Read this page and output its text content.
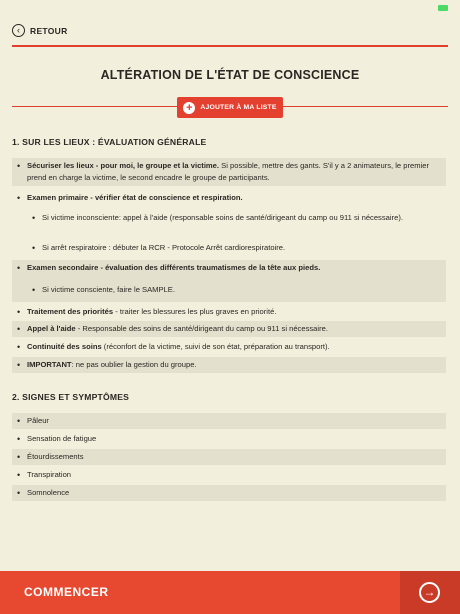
‹	RETOUR
ALTÉRATION DE L'ÉTAT DE CONSCIENCE
+	AJOUTER À MA LISTE
1. SUR LES LIEUX : ÉVALUATION GÉNÉRALE
• Sécuriser les lieux - pour moi, le groupe et la victime. Si possible, mettre des gants. S'il y a 2 animateurs, le premier prend en charge la victime, le second encadre le groupe de participants.
• Examen primaire - vérifier état de conscience et respiration.
• Si victime inconsciente: appel à l'aide (responsable soins de santé/dirigeant du camp ou 911 si nécessaire).
• Si arrêt respiratoire : débuter la RCR - Protocole Arrêt cardiorespiratoire.
• Examen secondaire - évaluation des différents traumatismes de la tête aux pieds.
• Si victime consciente, faire le SAMPLE.
• Traitement des priorités - traiter les blessures les plus graves en priorité.
• Appel à l'aide - Responsable des soins de santé/dirigeant du camp ou 911 si nécessaire.
• Continuité des soins (réconfort de la victime, suivi de son état, préparation au transport).
• IMPORTANT: ne pas oublier la gestion du groupe.
2. SIGNES ET SYMPTÔMES
• Pâleur
• Sensation de fatigue
• Étourdissements
• Transpiration
• Somnolence
COMMENCER	→
